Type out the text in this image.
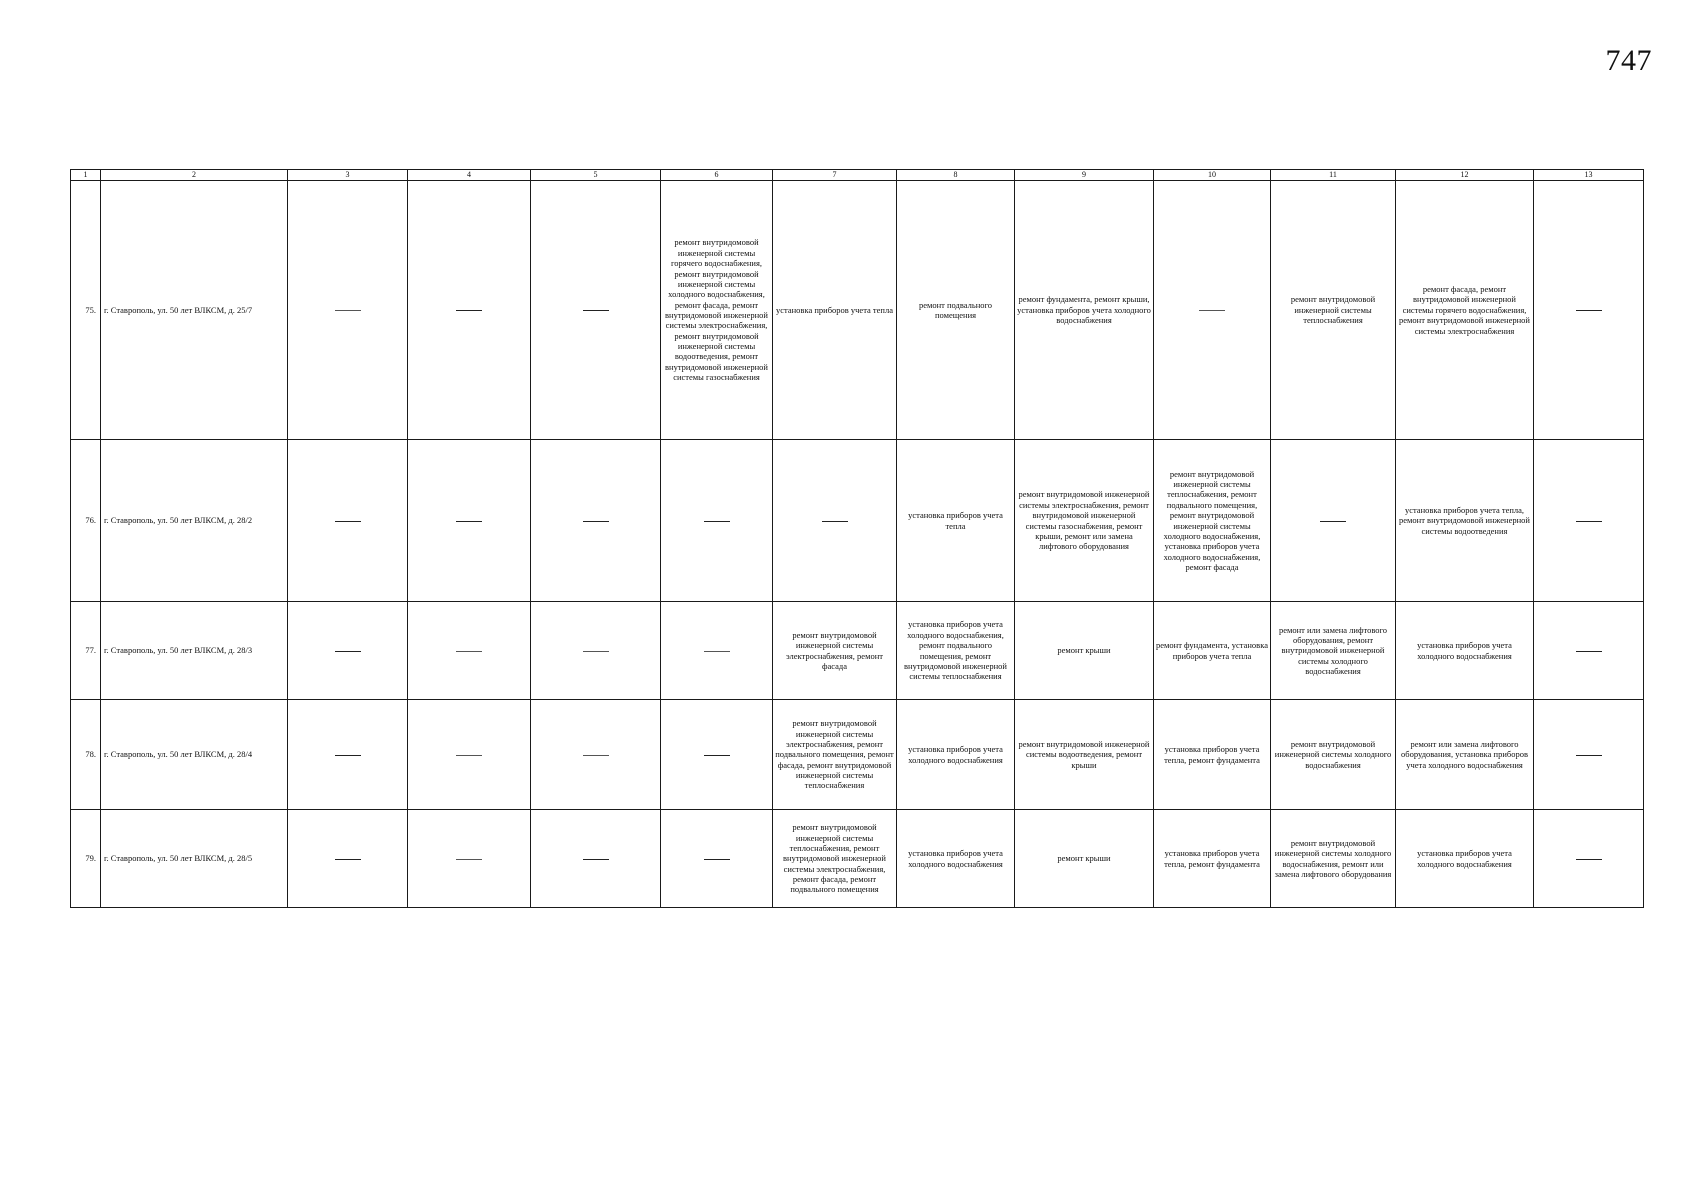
747
1	2	3	4	5	6	7	8	9	10	11	12	13
75.	г. Ставрополь, ул. 50 лет ВЛКСМ, д. 25/7				ремонт внутридомовой инженерной системы горячего водоснабжения, ремонт внутридомовой инженерной системы холодного водоснабжения, ремонт фасада, ремонт внутридомовой инженерной системы электроснабжения, ремонт внутридомовой инженерной системы водоотведения, ремонт внутридомовой инженерной системы газоснабжения	установка приборов учета тепла	ремонт подвального помещения	ремонт фундамента, ремонт крыши, установка приборов учета холодного водоснабжения		ремонт внутридомовой инженерной системы теплоснабжения	ремонт фасада, ремонт внутридомовой инженерной системы горячего водоснабжения, ремонт внутридомовой инженерной системы электроснабжения	
76.	г. Ставрополь, ул. 50 лет ВЛКСМ, д. 28/2						установка приборов учета тепла	ремонт внутридомовой инженерной системы электроснабжения, ремонт внутридомовой инженерной системы газоснабжения, ремонт крыши, ремонт или замена лифтового оборудования	ремонт внутридомовой инженерной системы теплоснабжения, ремонт подвального помещения, ремонт внутридомовой инженерной системы холодного водоснабжения, установка приборов учета холодного водоснабжения, ремонт фасада		установка приборов учета тепла, ремонт внутридомовой инженерной системы водоотведения	
77.	г. Ставрополь, ул. 50 лет ВЛКСМ, д. 28/3					ремонт внутридомовой инженерной системы электроснабжения, ремонт фасада	установка приборов учета холодного водоснабжения, ремонт подвального помещения, ремонт внутридомовой инженерной системы теплоснабжения	ремонт крыши	ремонт фундамента, установка приборов учета тепла	ремонт или замена лифтового оборудования, ремонт внутридомовой инженерной системы холодного водоснабжения	установка приборов учета холодного водоснабжения	
78.	г. Ставрополь, ул. 50 лет ВЛКСМ, д. 28/4					ремонт внутридомовой инженерной системы электроснабжения, ремонт подвального помещения, ремонт фасада, ремонт внутридомовой инженерной системы теплоснабжения	установка приборов учета холодного водоснабжения	ремонт внутридомовой инженерной системы водоотведения, ремонт крыши	установка приборов учета тепла, ремонт фундамента	ремонт внутридомовой инженерной системы холодного водоснабжения	ремонт или замена лифтового оборудования, установка приборов учета холодного водоснабжения	
79.	г. Ставрополь, ул. 50 лет ВЛКСМ, д. 28/5					ремонт внутридомовой инженерной системы теплоснабжения, ремонт внутридомовой инженерной системы электроснабжения, ремонт фасада, ремонт подвального помещения	установка приборов учета холодного водоснабжения	ремонт крыши	установка приборов учета тепла, ремонт фундамента	ремонт внутридомовой инженерной системы холодного водоснабжения, ремонт или замена лифтового оборудования	установка приборов учета холодного водоснабжения	
